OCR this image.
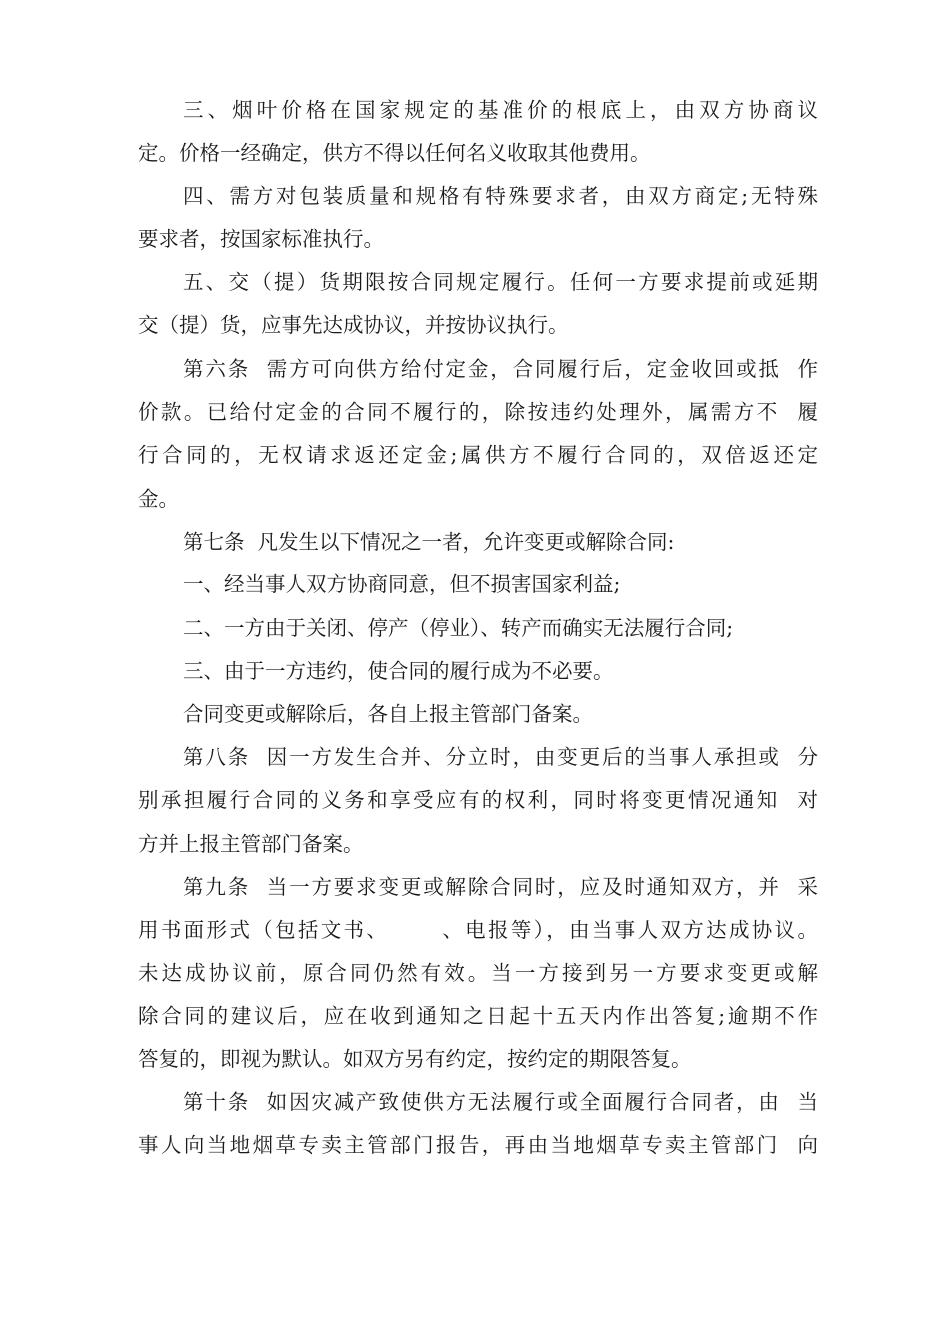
三、烟叶价格在国家规定的基准价的根底上，由双方协商议
定。价格一经确定，供方不得以任何名义收取其他费用。
四、需方对包装质量和规格有特殊要求者，由双方商定;无特殊
要求者，按国家标准执行。
五、交（提）货期限按合同规定履行。任何一方要求提前或延期
交（提）货，应事先达成协议，并按协议执行。
第六条  需方可向供方给付定金，合同履行后，定金收回或抵  作
价款。已给付定金的合同不履行的，除按违约处理外，属需方不  履
行合同的，无权请求返还定金;属供方不履行合同的，双倍返还定
金。
第七条  凡发生以下情况之一者，允许变更或解除合同:
一、经当事人双方协商同意，但不损害国家利益;
二、一方由于关闭、停产（停业）、转产而确实无法履行合同;
三、由于一方违约，使合同的履行成为不必要。
合同变更或解除后，各自上报主管部门备案。
第八条  因一方发生合并、分立时，由变更后的当事人承担或  分
别承担履行合同的义务和享受应有的权利，同时将变更情况通知  对
方并上报主管部门备案。
第九条  当一方要求变更或解除合同时，应及时通知双方，并  采
用书面形式（包括文书、      、电报等），由当事人双方达成协议。
未达成协议前，原合同仍然有效。当一方接到另一方要求变更或解
除合同的建议后，应在收到通知之日起十五天内作出答复;逾期不作
答复的，即视为默认。如双方另有约定，按约定的期限答复。
第十条  如因灾减产致使供方无法履行或全面履行合同者，由  当
事人向当地烟草专卖主管部门报告，再由当地烟草专卖主管部门  向
